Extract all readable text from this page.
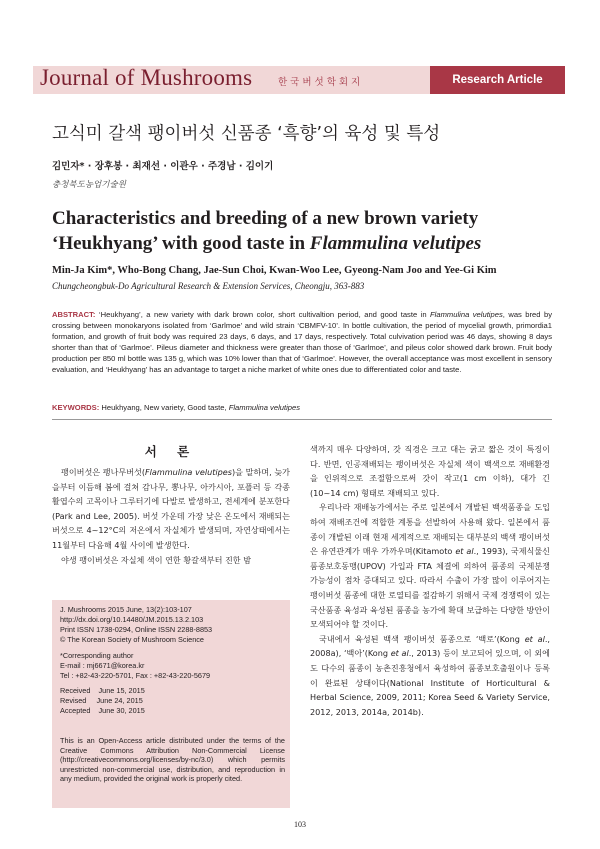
Journal of Mushrooms	한국버섯학회지	Research Article
고식미 갈색 팽이버섯 신품종 ‘흑향’의 육성 및 특성
김민자* · 장후봉 · 최재선 · 이관우 · 주경남 · 김이기
충청북도농업기술원
Characteristics and breeding of a new brown variety
‘Heukhyang’ with good taste in Flammulina velutipes
Min-Ja Kim*, Who-Bong Chang, Jae-Sun Choi, Kwan-Woo Lee, Gyeong-Nam Joo and Yee-Gi Kim
Chungcheongbuk-Do Agricultural Research & Extension Services, Cheongju, 363-883
ABSTRACT: ‘Heukhyang’, a new variety with dark brown color, short cultivaltion period, and good taste in Flammulina velutipes, was bred by crossing between monokaryons isolated from ‘Garlmoe’ and wild strain ‘CBMFV-10’. In bottle cultivation, the period of mycelial growth, primordia1 formation, and growth of fruit body was required 23 days, 6 days, and 17 days, respectively. Total culvivation period was 46 days, showing 8 days shorter than that of ‘Garlmoe’. Pileus diameter and thickness were greater than those of ‘Garlmoe’, and pileus color showed dark brown. Fruit body production per 850 ml bottle was 135 g, which was 10% lower than that of ‘Garlmoe’. However, the overall acceptance was most excellent in sensory evaluation, and ‘Heukhyang’ has an advantage to target a niche market of white ones due to differentiated color and taste.
KEYWORDS: Heukhyang, New variety, Good taste, Flammulina velutipes
서 론

팽이버섯은 팽나무버섯(Flammulina velutipes)을 말하며, 늦가을부터 이듬해 봄에 걸쳐 감나무, 뽕나무, 아카시아, 포플러 등 각종 활엽수의 고목이나 그루터기에 다발로 발생하고, 전세계에 분포한다(Park and Lee, 2005). 버섯 가운데 가장 낮은 온도에서 재배되는 버섯으로 4~12°C의 저온에서 자실체가 발생되며, 자연상태에서는 11월부터 다음해 4월 사이에 발생한다.

야생 팽이버섯은 자실체 색이 연한 황갈색부터 진한 밤

J. Mushrooms 2015 June, 13(2):103-107
http://dx.doi.org/10.14480/JM.2015.13.2.103
Print ISSN 1738-0294, Online ISSN 2288-8853
© The Korean Society of Mushroom Science
*Corresponding author
E-mail : mj6671@korea.kr
Tel : +82-43-220-5701, Fax : +82-43-220-5679
Received    June 15, 2015
Revised     June 24, 2015
Accepted    June 30, 2015
This is an Open-Access article distributed under the terms of the Creative Commons Attribution Non-Commercial License (http://creativecommons.org/licenses/by-nc/3.0) which permits unrestricted non-commercial use, distribution, and reproduction in any medium, provided the original work is properly cited.

색까지 매우 다양하며, 갓 직경은 크고 대는 굵고 짧은 것이 특징이다. 반면, 인공재배되는 팽이버섯은 자실체 색이 백색으로 재배환경을 인위적으로 조절함으로써 갓이 작고(1 cm 이하), 대가 긴(10~14 cm) 형태로 재배되고 있다.

우리나라 재배농가에서는 주로 일본에서 개발된 백색품종을 도입하여 재배조건에 적합한 계통을 선발하여 사용해 왔다. 일본에서 품종이 개발된 이래 현재 세계적으로 재배되는 대부분의 백색 팽이버섯은 유연관계가 매우 가까우며(Kitamoto et al., 1993), 국제식물신품종보호동맹(UPOV) 가입과 FTA 체결에 의하여 품종의 국제분쟁 가능성이 점차 증대되고 있다. 따라서 수출이 가장 많이 이루어지는 팽이버섯 품종에 대한 로열티를 절감하기 위해서 국제 경쟁력이 있는 국산품종 육성과 육성된 품종을 농가에 확대 보급하는 다양한 방안이 모색되어야 할 것이다.

국내에서 육성된 백색 팽이버섯 품종으로 ‘백로’(Kong et al., 2008a), ‘백아’(Kong et al., 2013) 등이 보고되어 있으며, 이 외에도 다수의 품종이 농촌진흥청에서 육성하여 품종보호출원이나 등록이 완료된 상태이다(National Institute of Horticultural & Herbal Science, 2009, 2011; Korea Seed & Variety Service, 2012, 2013, 2014a, 2014b).

103
